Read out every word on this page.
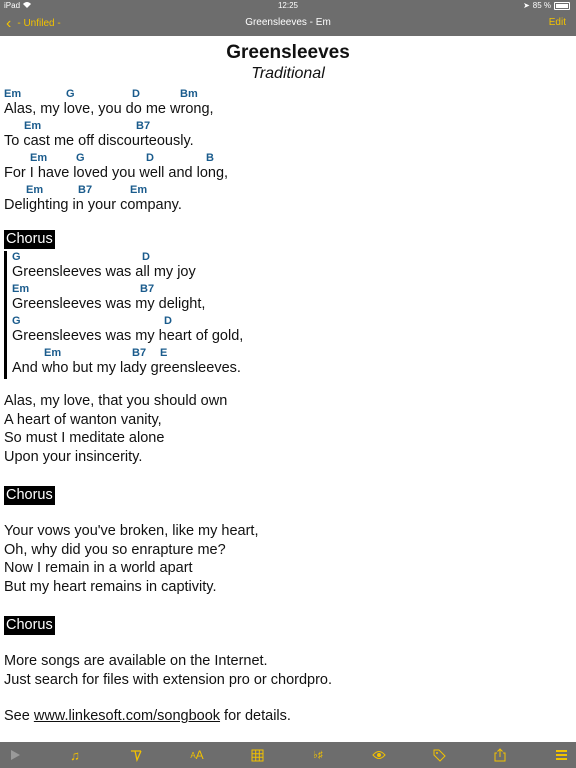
iPad	12:25	➤ 85 %
‹ - Unfiled -	Greensleeves - Em	Edit
Greensleeves
Traditional
Em	G	D	Bm
Alas, my love, you do me wrong,
Em	B7
To cast me off discourteously.
Em	G	D	B
For I have loved you well and long,
Em	B7	Em
Delighting in your company.
Chorus
G	D
Greensleeves was all my joy
Em	B7
Greensleeves was my delight,
G	D
Greensleeves was my heart of gold,
Em	B7 E
And who but my lady greensleeves.
Alas, my love, that you should own
A heart of wanton vanity,
So must I meditate alone
Upon your insincerity.
Chorus
Your vows you've broken, like my heart,
Oh, why did you so enrapture me?
Now I remain in a world apart
But my heart remains in captivity.
Chorus
More songs are available on the Internet.
Just search for files with extension pro or chordpro.
See www.linkesoft.com/songbook for details.
♫	A A	♭♯
